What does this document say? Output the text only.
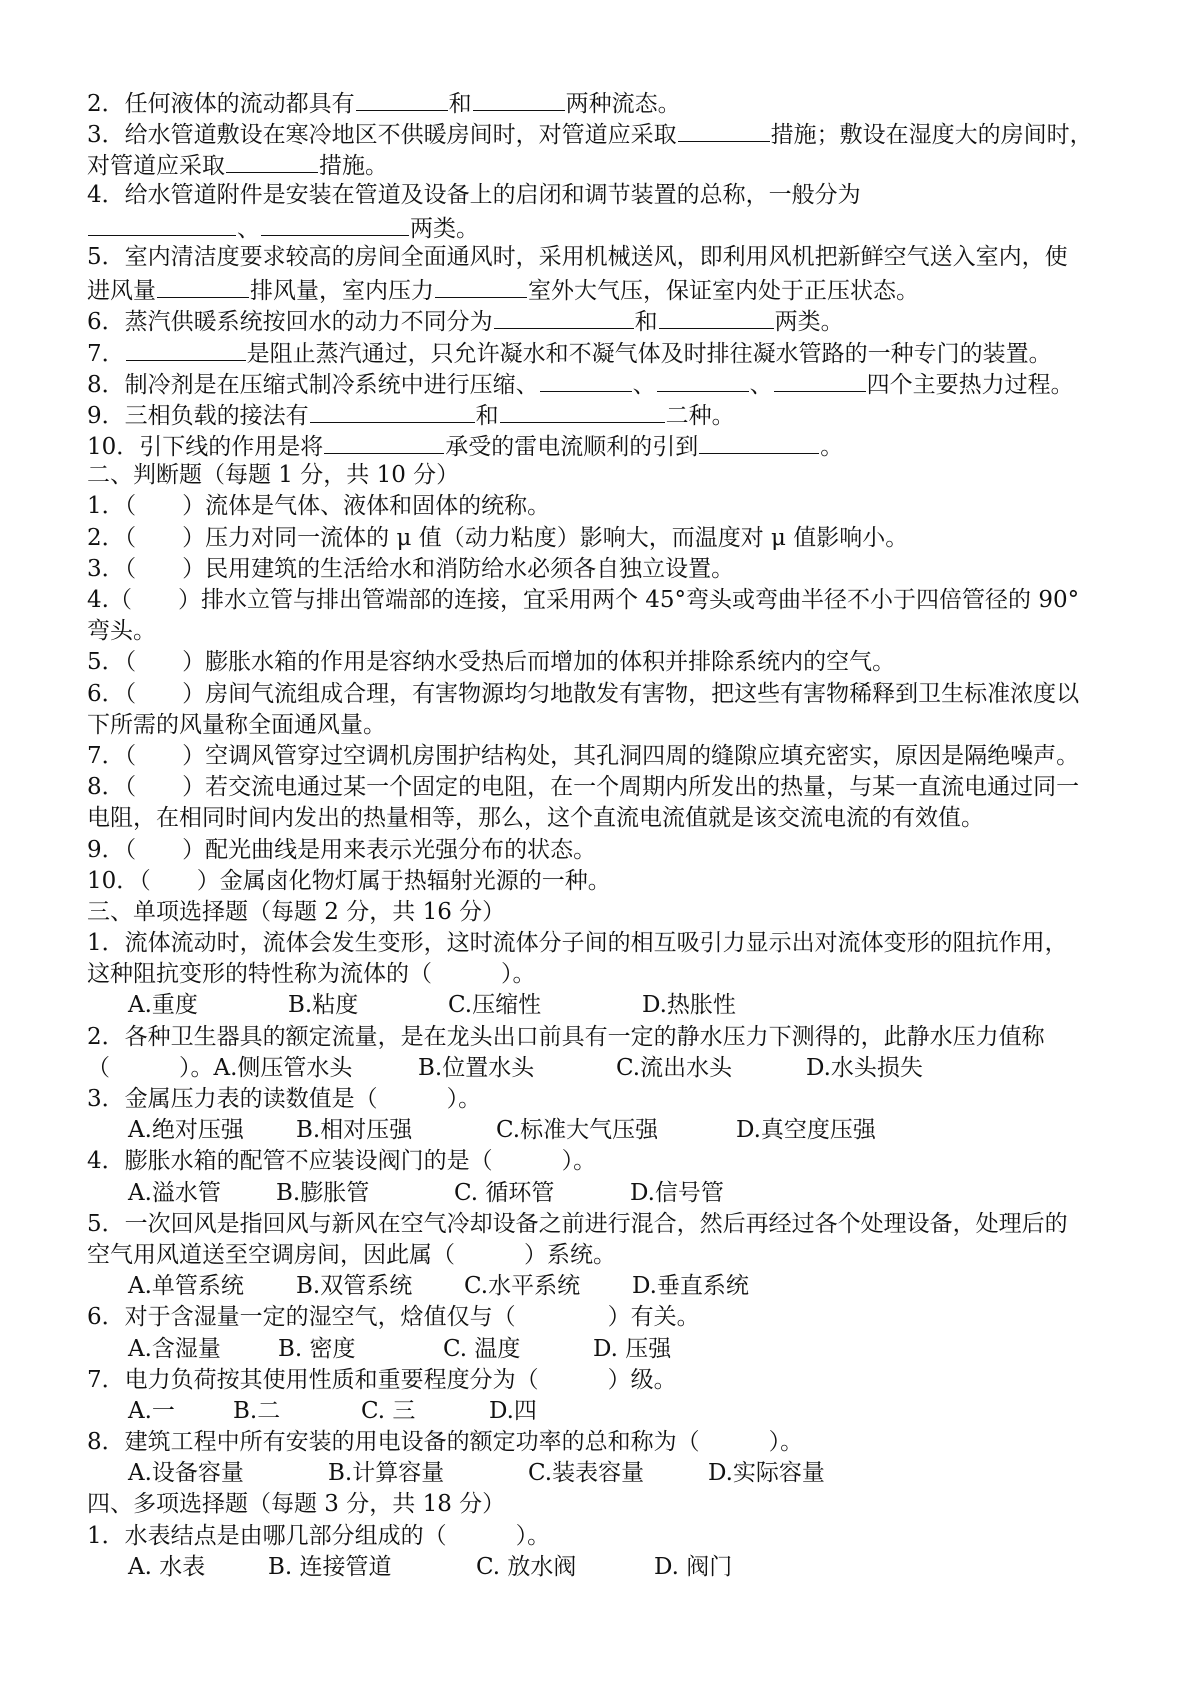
2．任何液体的流动都具有	和	两种流态。
3．给水管道敷设在寒冷地区不供暖房间时，对管道应采取	措施；敷设在湿度大的房间时，
对管道应采取	措施。
4．给水管道附件是安装在管道及设备上的启闭和调节装置的总称，一般分为
、	两类。
5．室内清洁度要求较高的房间全面通风时，采用机械送风，即利用风机把新鲜空气送入室内，使
进风量	排风量，室内压力	室外大气压，保证室内处于正压状态。
6．蒸汽供暖系统按回水的动力不同分为	和	两类。
7．	是阻止蒸汽通过，只允许凝水和不凝气体及时排往凝水管路的一种专门的装置。
8．制冷剂是在压缩式制冷系统中进行压缩、	、	、	四个主要热力过程。
9．三相负载的接法有	和	二种。
10．引下线的作用是将	承受的雷电流顺利的引到	。
二、判断题（每题 1 分，共 10 分）
1．（　　）流体是气体、液体和固体的统称。
2．（　　）压力对同一流体的 μ 值（动力粘度）影响大，而温度对 μ 值影响小。
3．（　　）民用建筑的生活给水和消防给水必须各自独立设置。
4.（　　）排水立管与排出管端部的连接，宜采用两个 45°弯头或弯曲半径不小于四倍管径的 90°
弯头。
5．（　　）膨胀水箱的作用是容纳水受热后而增加的体积并排除系统内的空气。
6．（　　）房间气流组成合理，有害物源均匀地散发有害物，把这些有害物稀释到卫生标准浓度以
下所需的风量称全面通风量。
7．（　　）空调风管穿过空调机房围护结构处，其孔洞四周的缝隙应填充密实，原因是隔绝噪声。
8．（　　）若交流电通过某一个固定的电阻，在一个周期内所发出的热量，与某一直流电通过同一
电阻，在相同时间内发出的热量相等，那么，这个直流电流值就是该交流电流的有效值。
9．（　　）配光曲线是用来表示光强分布的状态。
10．（　　）金属卤化物灯属于热辐射光源的一种。
三、单项选择题（每题 2 分，共 16 分）
1．流体流动时，流体会发生变形，这时流体分子间的相互吸引力显示出对流体变形的阻抗作用，
这种阻抗变形的特性称为流体的（　　　）。
A.重度	B.粘度	C.压缩性	D.热胀性
2．各种卫生器具的额定流量，是在龙头出口前具有一定的静水压力下测得的，此静水压力值称
（　　　）。A.侧压管水头	B.位置水头	C.流出水头	D.水头损失
3．金属压力表的读数值是（　　　）。
A.绝对压强 B.相对压强	C.标准大气压强	D.真空度压强
4．膨胀水箱的配管不应装设阀门的是（　　　）。
A.溢水管 B.膨胀管	C. 循环管	D.信号管
5．一次回风是指回风与新风在空气冷却设备之前进行混合，然后再经过各个处理设备，处理后的
空气用风道送至空调房间，因此属（　　　）系统。
A.单管系统 B.双管系统 C.水平系统 D.垂直系统
6．对于含湿量一定的湿空气，焓值仅与（　　　　）有关。
A.含湿量 B. 密度	C. 温度	D. 压强
7．电力负荷按其使用性质和重要程度分为（　　　）级。
A.一	B.二	C. 三	D.四
8．建筑工程中所有安装的用电设备的额定功率的总和称为（　　　）。
A.设备容量	B.计算容量	C.装表容量	D.实际容量
四、多项选择题（每题 3 分，共 18 分）
1．水表结点是由哪几部分组成的（　　　）。
A. 水表	B. 连接管道	C. 放水阀	D. 阀门
